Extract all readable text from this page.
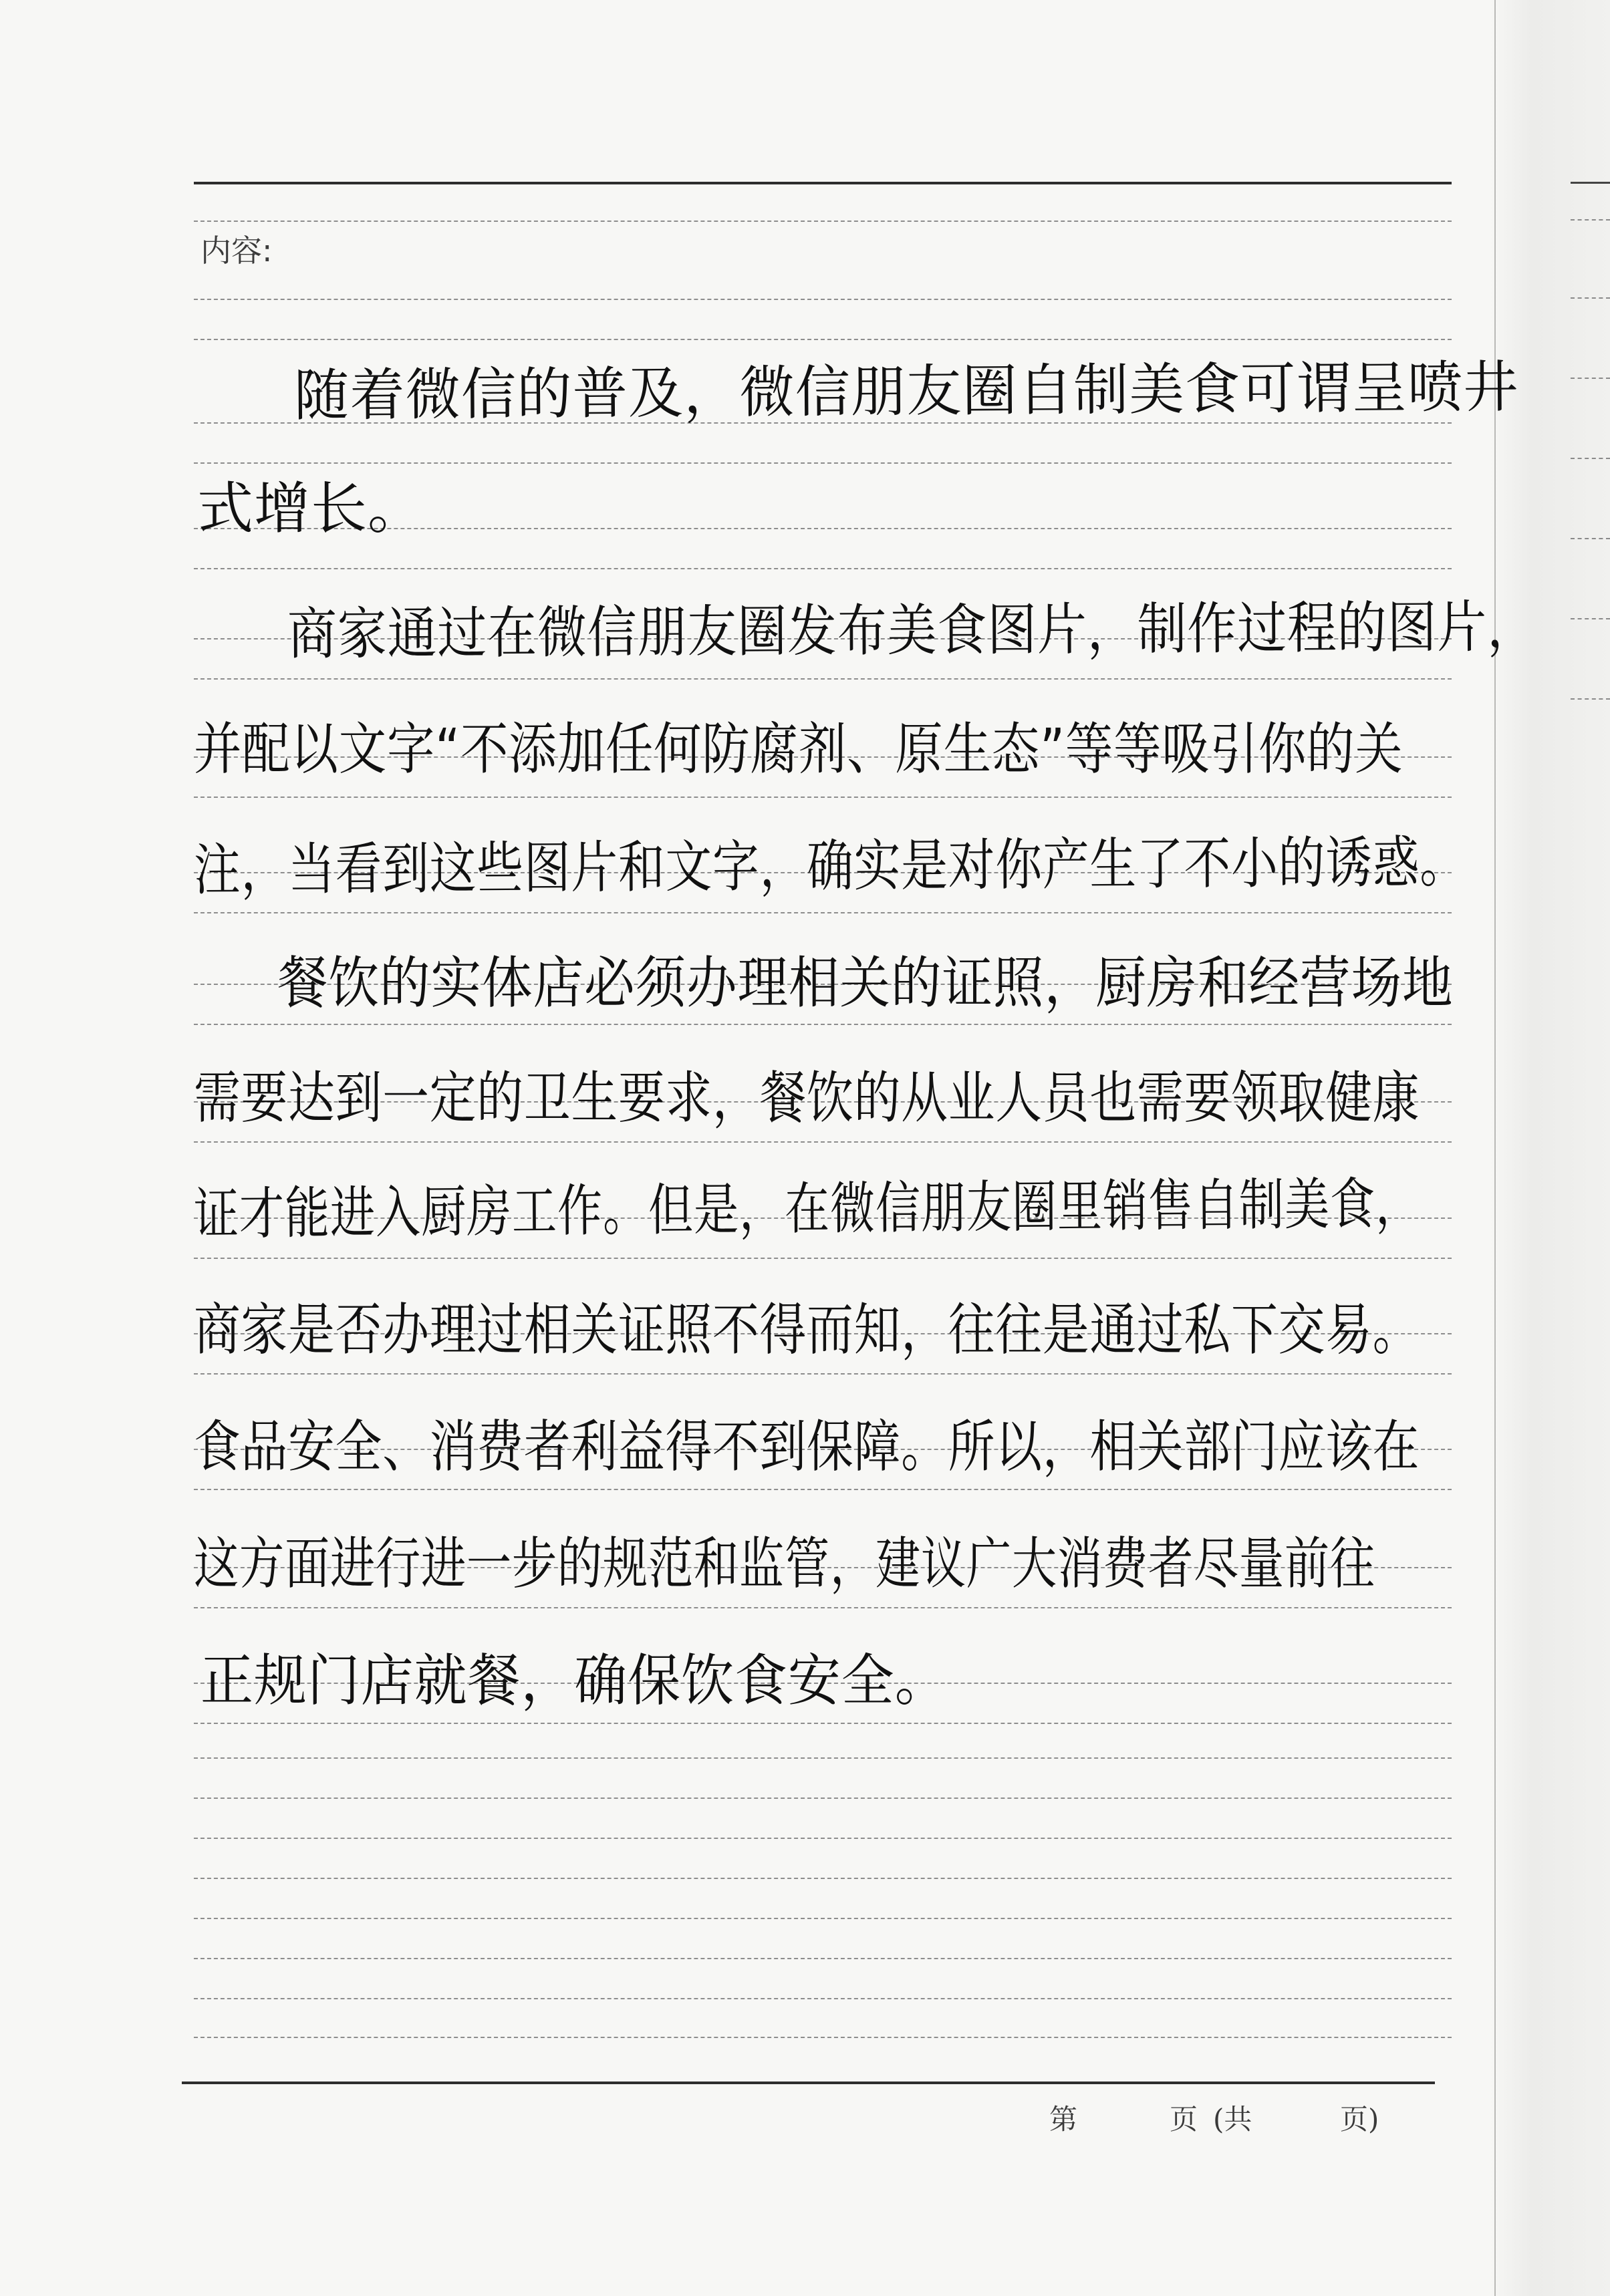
内容:
随着微信的普及，微信朋友圈自制美食可谓呈喷井
式增长。
商家通过在微信朋友圈发布美食图片，制作过程的图片，
并配以文字“不添加任何防腐剂、原生态”等等吸引你的关
注，当看到这些图片和文字，确实是对你产生了不小的诱惑。
餐饮的实体店必须办理相关的证照，厨房和经营场地
需要达到一定的卫生要求，餐饮的从业人员也需要领取健康
证才能进入厨房工作。但是，在微信朋友圈里销售自制美食，
商家是否办理过相关证照不得而知，往往是通过私下交易。
食品安全、消费者利益得不到保障。所以，相关部门应该在
这方面进行进一步的规范和监管，建议广大消费者尽量前往
正规门店就餐，确保饮食安全。
第	页 (共	页)
